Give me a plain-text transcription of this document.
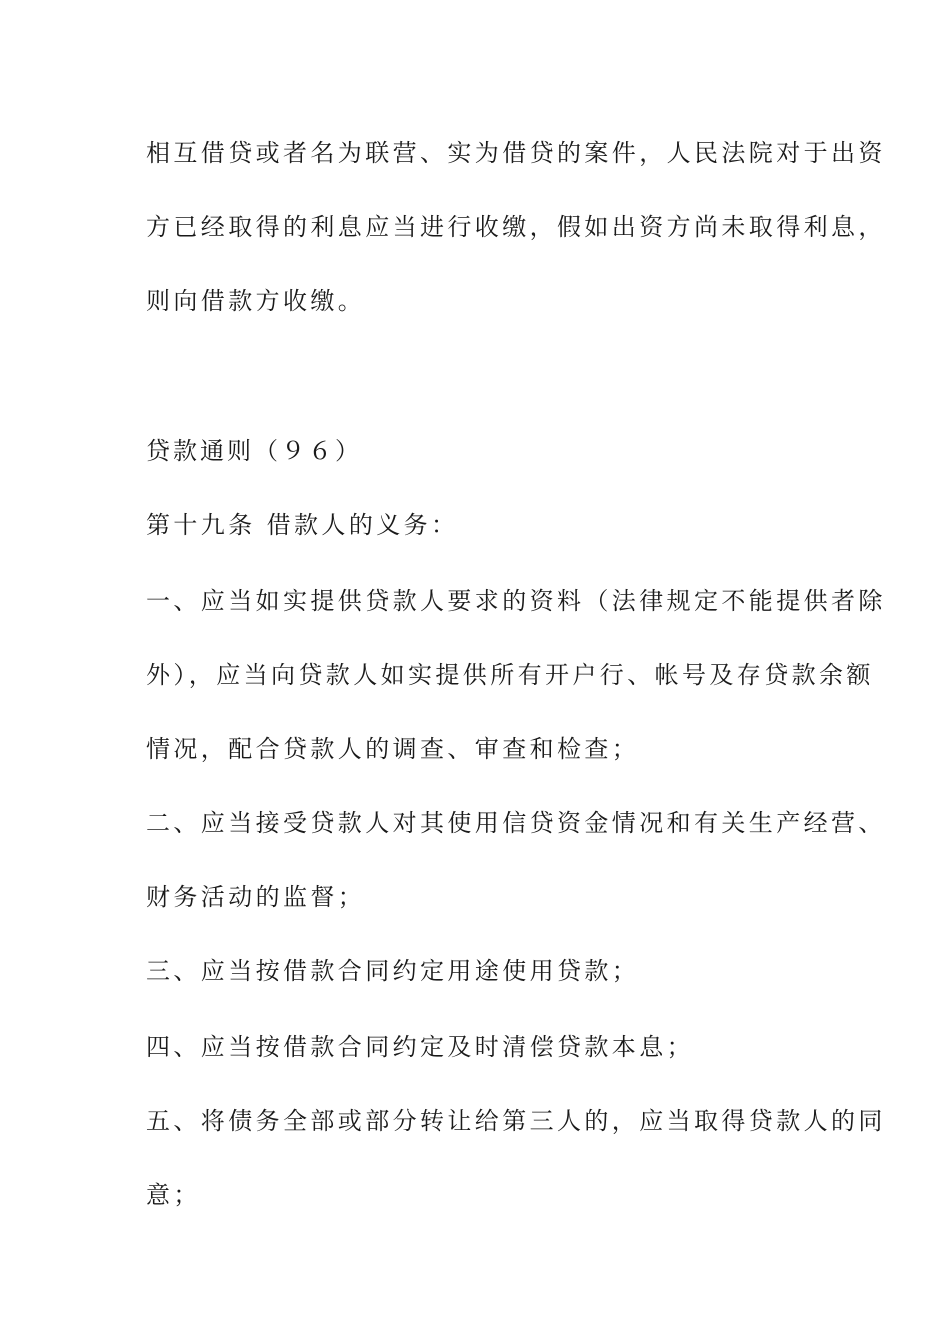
相互借贷或者名为联营、实为借贷的案件，人民法院对于出资
方已经取得的利息应当进行收缴，假如出资方尚未取得利息，
则向借款方收缴。
贷款通则（９６）
第十九条 借款人的义务：
一、应当如实提供贷款人要求的资料（法律规定不能提供者除
外），应当向贷款人如实提供所有开户行、帐号及存贷款余额
情况，配合贷款人的调查、审查和检查；
二、应当接受贷款人对其使用信贷资金情况和有关生产经营、
财务活动的监督；
三、应当按借款合同约定用途使用贷款；
四、应当按借款合同约定及时清偿贷款本息；
五、将债务全部或部分转让给第三人的，应当取得贷款人的同
意；
